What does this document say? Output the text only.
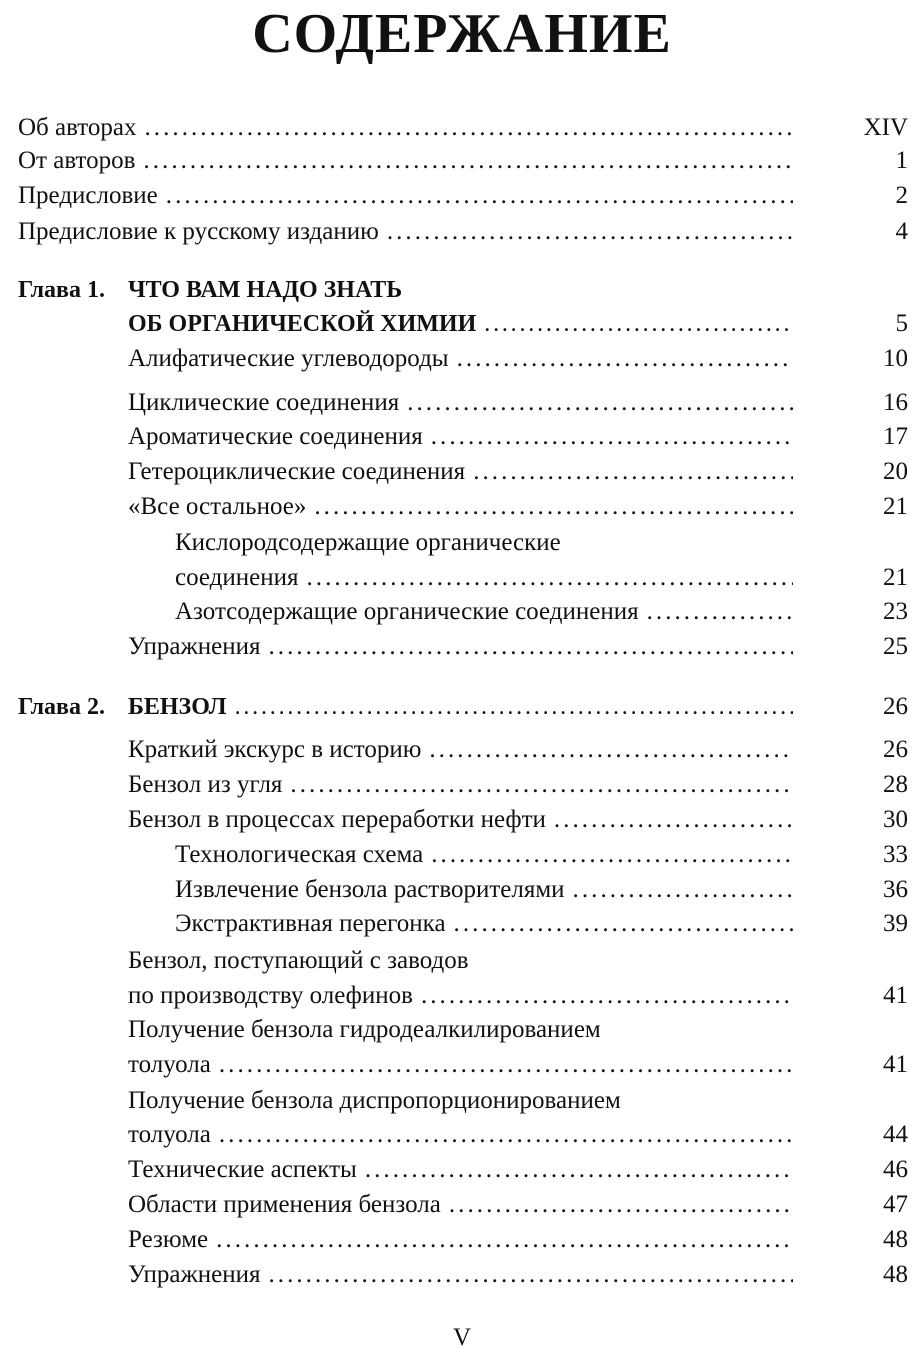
СОДЕРЖАНИЕ
Об авторах . . .	XIV
От авторов . . .	1
Предисловие . . .	2
Предисловие к русскому изданию . . .	4
Глава 1. ЧТО ВАМ НАДО ЗНАТЬ
ОБ ОРГАНИЧЕСКОЙ ХИМИИ . . .	5
Алифатические углеводороды . . .	10
Циклические соединения . . .	16
Ароматические соединения . . .	17
Гетероциклические соединения . . .	20
«Все остальное» . . .	21
Кислородсодержащие органические
соединения . . .	21
Азотсодержащие органические соединения . . .	23
Упражнения . . .	25
Глава 2. БЕНЗОЛ . . .	26
Краткий экскурс в историю . . .	26
Бензол из угля . . .	28
Бензол в процессах переработки нефти . . .	30
Технологическая схема . . .	33
Извлечение бензола растворителями . . .	36
Экстрактивная перегонка . . .	39
Бензол, поступающий с заводов
по производству олефинов . . .	41
Получение бензола гидродеалкилированием
толуола . . .	41
Получение бензола диспропорционированием
толуола . . .	44
Технические аспекты . . .	46
Области применения бензола . . .	47
Резюме . . .	48
Упражнения . . .	48
V
